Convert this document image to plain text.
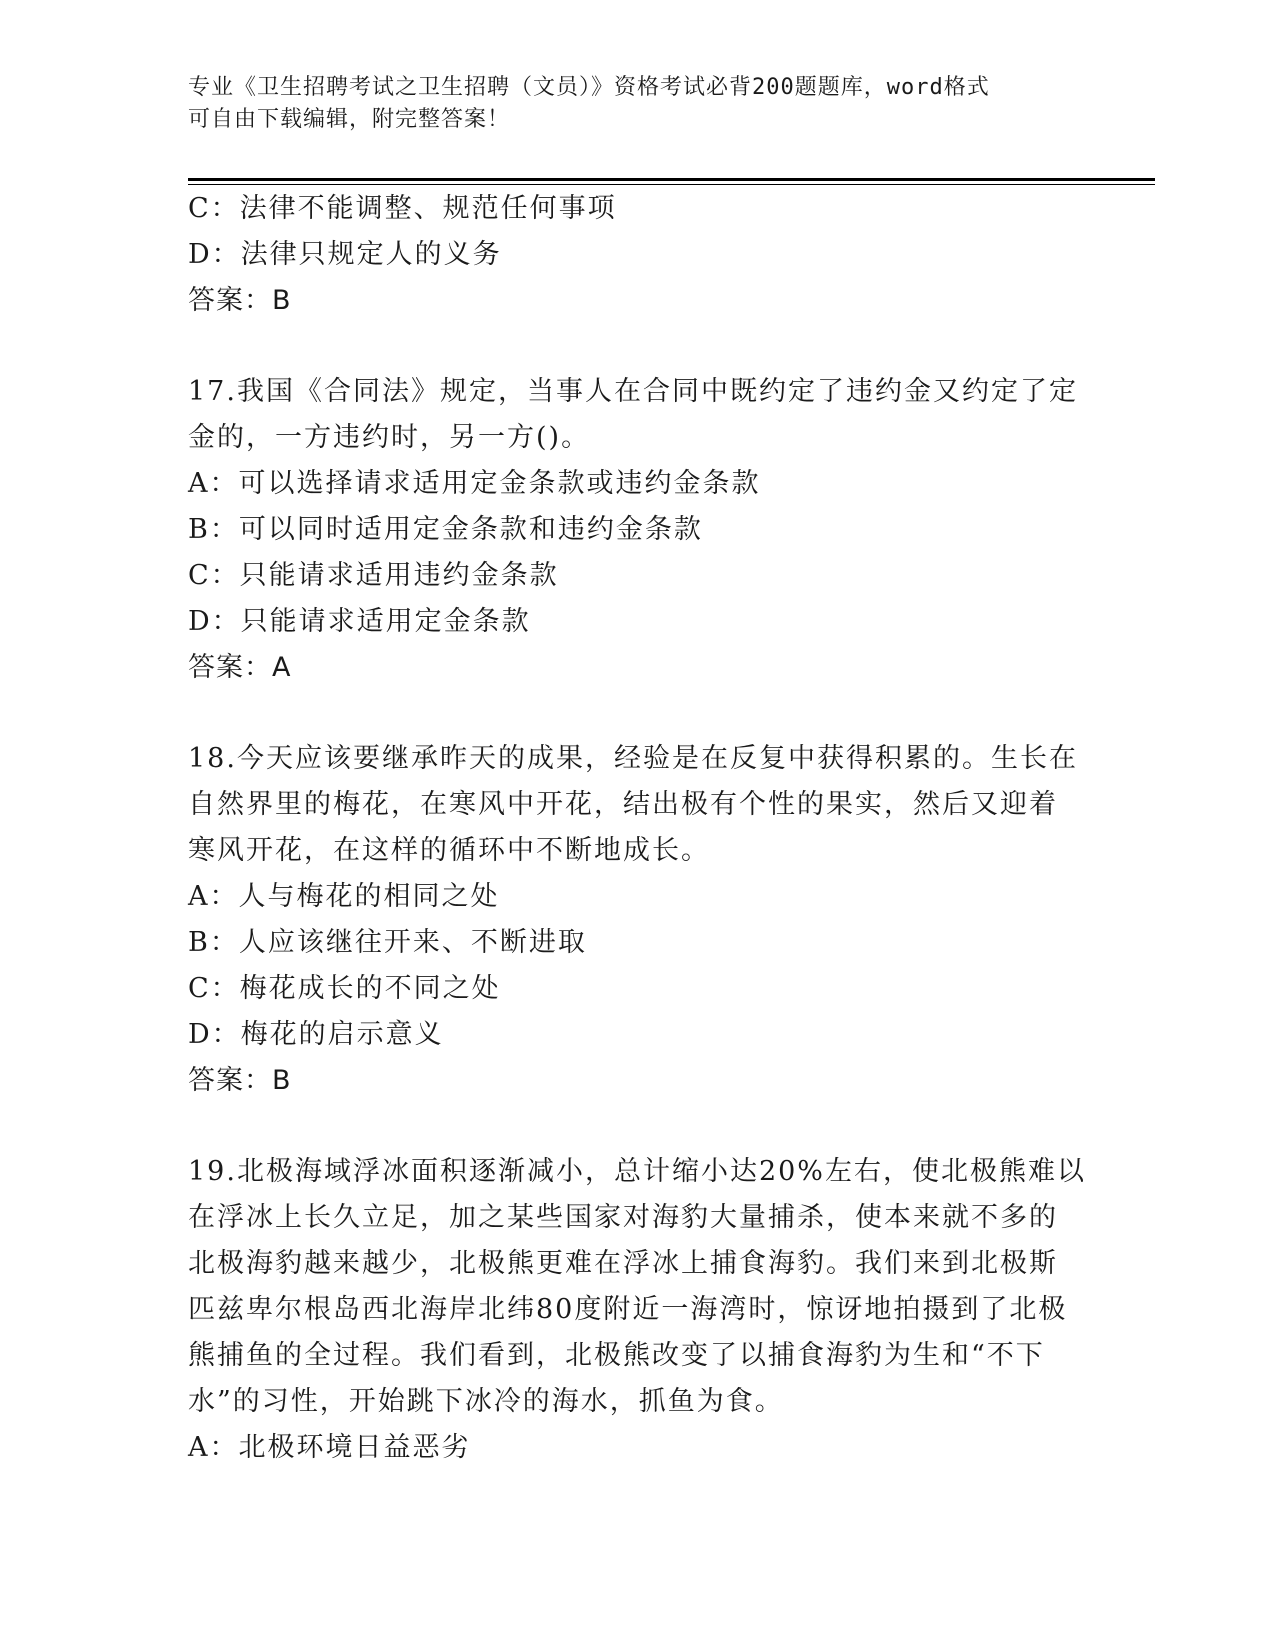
专业《卫生招聘考试之卫生招聘（文员）》资格考试必背200题题库，word格式
可自由下载编辑，附完整答案！
C：法律不能调整、规范任何事项
D：法律只规定人的义务
答案：B
17.我国《合同法》规定，当事人在合同中既约定了违约金又约定了定
金的，一方违约时，另一方()。
A：可以选择请求适用定金条款或违约金条款
B：可以同时适用定金条款和违约金条款
C：只能请求适用违约金条款
D：只能请求适用定金条款
答案：A
18.今天应该要继承昨天的成果，经验是在反复中获得积累的。生长在
自然界里的梅花，在寒风中开花，结出极有个性的果实，然后又迎着
寒风开花，在这样的循环中不断地成长。
A：人与梅花的相同之处
B：人应该继往开来、不断进取
C：梅花成长的不同之处
D：梅花的启示意义
答案：B
19.北极海域浮冰面积逐渐减小，总计缩小达20%左右，使北极熊难以
在浮冰上长久立足，加之某些国家对海豹大量捕杀，使本来就不多的
北极海豹越来越少，北极熊更难在浮冰上捕食海豹。我们来到北极斯
匹兹卑尔根岛西北海岸北纬80度附近一海湾时，惊讶地拍摄到了北极
熊捕鱼的全过程。我们看到，北极熊改变了以捕食海豹为生和“不下
水”的习性，开始跳下冰冷的海水，抓鱼为食。
A：北极环境日益恶劣
